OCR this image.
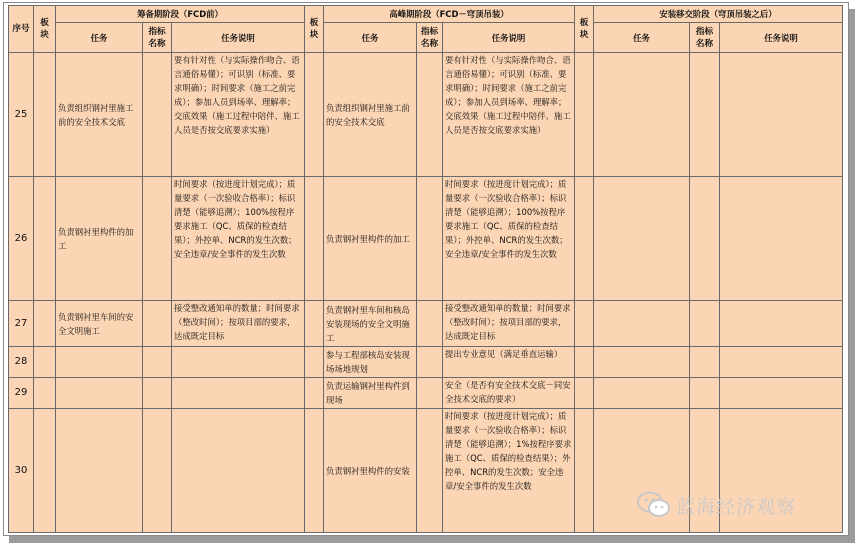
序号	板块	筹备期阶段（FCD前）			板块	高峰期阶段（FCD－穹顶吊装）			板块	安装移交阶段（穹顶吊装之后）		
		任务	指标名称	任务说明		任务	指标名称	任务说明		任务	指标名称	任务说明
25		负责组织钢衬里施工前的安全技术交底		要有针对性（与实际操作吻合、语言通俗易懂）；可识别（标准、要求明确）；时间要求（施工之前完成）；参加人员到场率、理解率；交底效果（施工过程中陪伴、施工人员是否按交底要求实施）		负责组织钢衬里施工前的安全技术交底		要有针对性（与实际操作吻合、语言通俗易懂）；可识别（标准、要求明确）；时间要求（施工之前完成）；参加人员到场率、理解率；交底效果（施工过程中陪伴、施工人员是否按交底要求实施）				
26		负责钢衬里构件的加工		时间要求（按进度计划完成）；质量要求（一次验收合格率）；标识清楚（能够追溯）；100%按程序要求施工（QC、质保的检查结果）；外控单、NCR的发生次数；安全违章/安全事件的发生次数		负责钢衬里构件的加工		时间要求（按进度计划完成）；质量要求（一次验收合格率）；标识清楚（能够追溯）；100%按程序要求施工（QC、质保的检查结果）；外控单、NCR的发生次数；安全违章/安全事件的发生次数				
27		负责钢衬里车间的安全文明施工		接受整改通知单的数量；时间要求（整改时间）；按项目部的要求，达成既定目标		负责钢衬里车间和核岛安装现场的安全文明施工		接受整改通知单的数量；时间要求（整改时间）；按项目部的要求，达成既定目标				
28						参与工程部核岛安装现场场地规划		提出专业意见（满足垂直运输）				
29						负责运输钢衬里构件到现场		安全（是否有安全技术交底－同安全技术交底的要求）				
30						负责钢衬里构件的安装		时间要求（按进度计划完成）；质量要求（一次验收合格率）；标识清楚（能够追溯）；1%按程序要求施工（QC、质保的检查结果）；外控单、NCR的发生次数；安全违章/安全事件的发生次数				
蓝海经济观察
